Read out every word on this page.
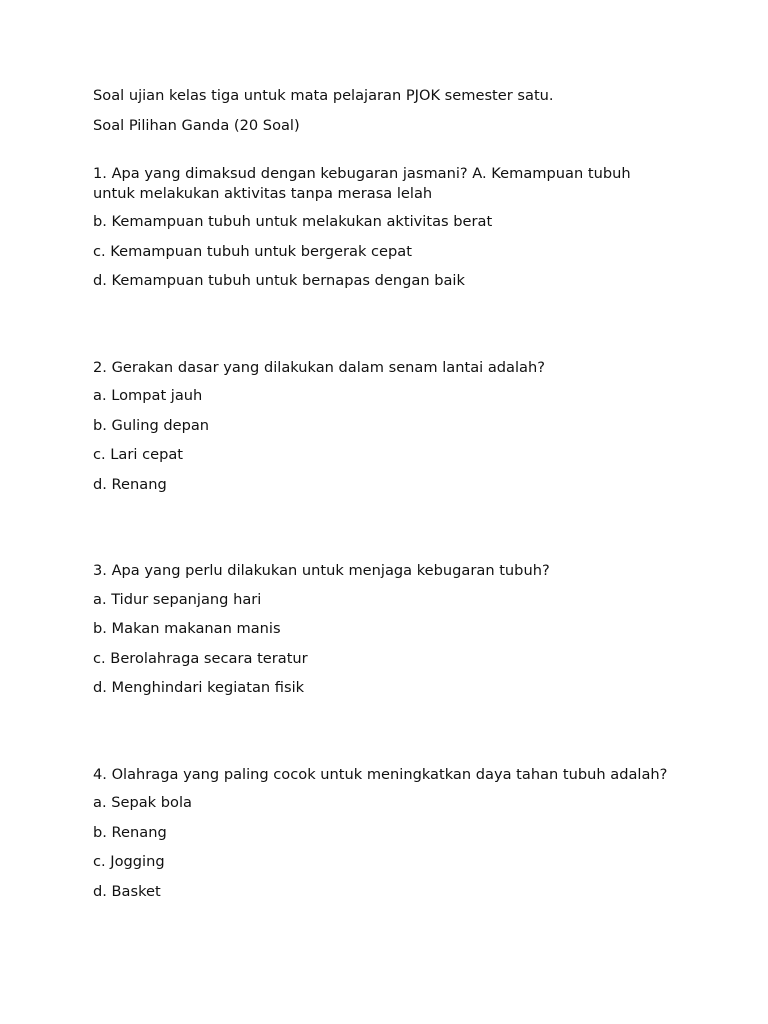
Soal ujian kelas tiga untuk mata pelajaran PJOK semester satu.

Soal Pilihan Ganda (20 Soal)

1. Apa yang dimaksud dengan kebugaran jasmani? A. Kemampuan tubuh untuk melakukan aktivitas tanpa merasa lelah

b. Kemampuan tubuh untuk melakukan aktivitas berat

c. Kemampuan tubuh untuk bergerak cepat

d. Kemampuan tubuh untuk bernapas dengan baik

2. Gerakan dasar yang dilakukan dalam senam lantai adalah?

a. Lompat jauh

b. Guling depan

c. Lari cepat

d. Renang

3. Apa yang perlu dilakukan untuk menjaga kebugaran tubuh?

a. Tidur sepanjang hari

b. Makan makanan manis

c. Berolahraga secara teratur

d. Menghindari kegiatan fisik

4. Olahraga yang paling cocok untuk meningkatkan daya tahan tubuh adalah?

a. Sepak bola

b. Renang

c. Jogging

d. Basket
